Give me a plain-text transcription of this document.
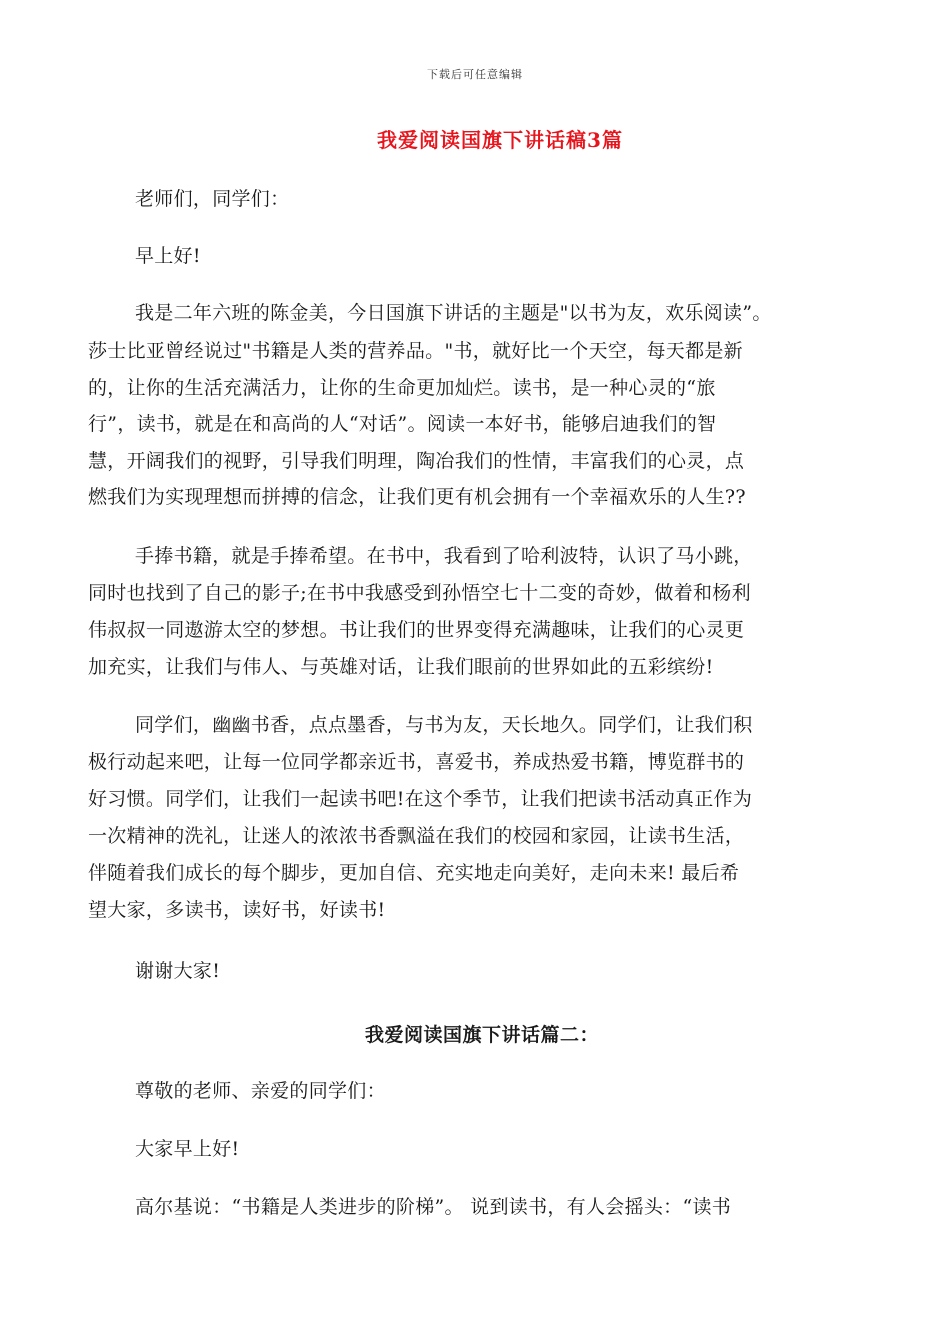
下载后可任意编辑
我爱阅读国旗下讲话稿3篇
老师们，同学们：
早上好!
我是二年六班的陈金美，今日国旗下讲话的主题是"以书为友，欢乐阅读”。
莎士比亚曾经说过"书籍是人类的营养品。"书，就好比一个天空，每天都是新
的，让你的生活充满活力，让你的生命更加灿烂。读书，是一种心灵的“旅
行”，读书，就是在和高尚的人“对话”。阅读一本好书，能够启迪我们的智
慧，开阔我们的视野，引导我们明理，陶冶我们的性情，丰富我们的心灵，点
燃我们为实现理想而拼搏的信念，让我们更有机会拥有一个幸福欢乐的人生??
手捧书籍，就是手捧希望。在书中，我看到了哈利波特，认识了马小跳，
同时也找到了自己的影子;在书中我感受到孙悟空七十二变的奇妙，做着和杨利
伟叔叔一同遨游太空的梦想。书让我们的世界变得充满趣味，让我们的心灵更
加充实，让我们与伟人、与英雄对话，让我们眼前的世界如此的五彩缤纷!
同学们，幽幽书香，点点墨香，与书为友，天长地久。同学们，让我们积
极行动起来吧，让每一位同学都亲近书，喜爱书，养成热爱书籍，博览群书的
好习惯。同学们，让我们一起读书吧!在这个季节，让我们把读书活动真正作为
一次精神的洗礼，让迷人的浓浓书香飘溢在我们的校园和家园，让读书生活，
伴随着我们成长的每个脚步，更加自信、充实地走向美好，走向未来! 最后希
望大家，多读书，读好书，好读书!
谢谢大家!
我爱阅读国旗下讲话篇二：
尊敬的老师、亲爱的同学们：
大家早上好!
高尔基说：“书籍是人类进步的阶梯”。 说到读书，有人会摇头：“读书
